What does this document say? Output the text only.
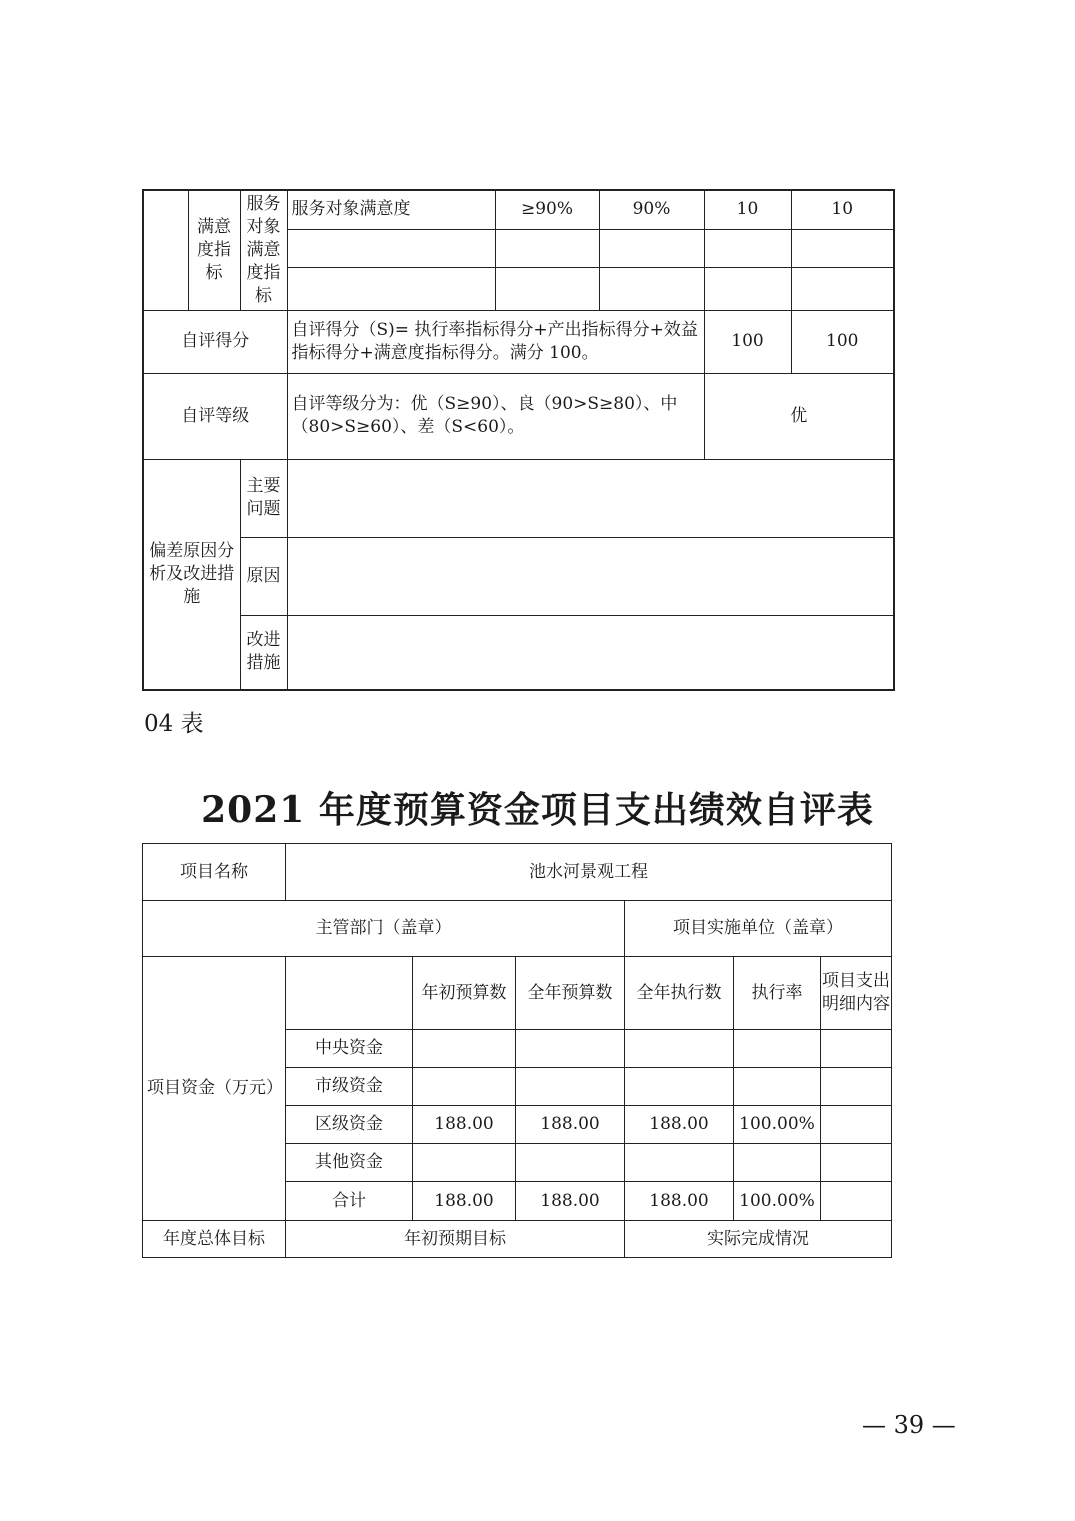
	满意度指标	服务对象满意度指标	服务对象满意度	≥90%	90%	10	10

自评得分			自评得分（S)= 执行率指标得分+产出指标得分+效益指标得分+满意度指标得分。满分 100。			100	100
自评等级			自评等级分为：优（S≥90）、良（90>S≥80）、中（80>S≥60）、差（S<60）。			优	
偏差原因分析及改进措施		主要问题					
		原因					
		改进措施					
04 表
2021 年度预算资金项目支出绩效自评表
项目名称	池水河景观工程					
主管部门（盖章）				项目实施单位（盖章）		
项目资金（万元）		年初预算数	全年预算数	全年执行数	执行率	项目支出明细内容
	中央资金					
	市级资金					
	区级资金	188.00	188.00	188.00	100.00%	
	其他资金					
	合计	188.00	188.00	188.00	100.00%	
年度总体目标	年初预期目标			实际完成情况		
— 39 —
